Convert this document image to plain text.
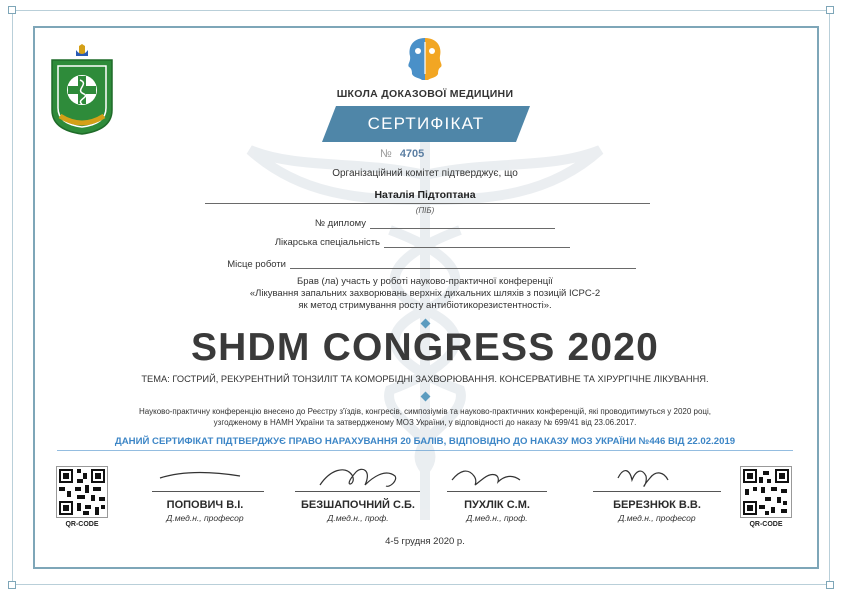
ШКОЛА ДОКАЗОВОЇ МЕДИЦИНИ
СЕРТИФІКАТ
№ 4705
Організаційний комітет підтверджує, що
Наталія Підтоптана
(ПІБ)
№ диплому
Лікарська спеціальність
Місце роботи
Брав (ла) участь у роботі науково-практичної конференції
«Лікування запальних захворювань верхніх дихальних шляхів з позицій ICPC-2
як метод стримування росту антибіотикорезистентності».
SHDM CONGRESS 2020
ТЕМА: ГОСТРИЙ, РЕКУРЕНТНИЙ ТОНЗИЛІТ ТА КОМОРБІДНІ ЗАХВОРЮВАННЯ. КОНСЕРВАТИВНЕ ТА ХІРУРГІЧНЕ ЛІКУВАННЯ.
Науково-практичну конференцію внесено до Реєстру з'їздів, конгресів, симпозіумів та науково-практичних конференцій, які проводитимуться у 2020 році,
узгодженому в НАМН України та затвердженому МОЗ України, у відповідності до наказу № 699/41 від 23.06.2017.
ДАНИЙ СЕРТИФІКАТ ПІДТВЕРДЖУЄ ПРАВО НАРАХУВАННЯ 20 БАЛІВ, ВІДПОВІДНО ДО НАКАЗУ МОЗ УКРАЇНИ №446 ВІД 22.02.2019
QR-CODE	QR-CODE
ПОПОВИЧ В.І.
Д.мед.н., професор
БЕЗШАПОЧНИЙ С.Б.
Д.мед.н., проф.
ПУХЛІК С.М.
Д.мед.н., проф.
БЕРЕЗНЮК В.В.
Д.мед.н., професор
4-5 грудня 2020 р.
